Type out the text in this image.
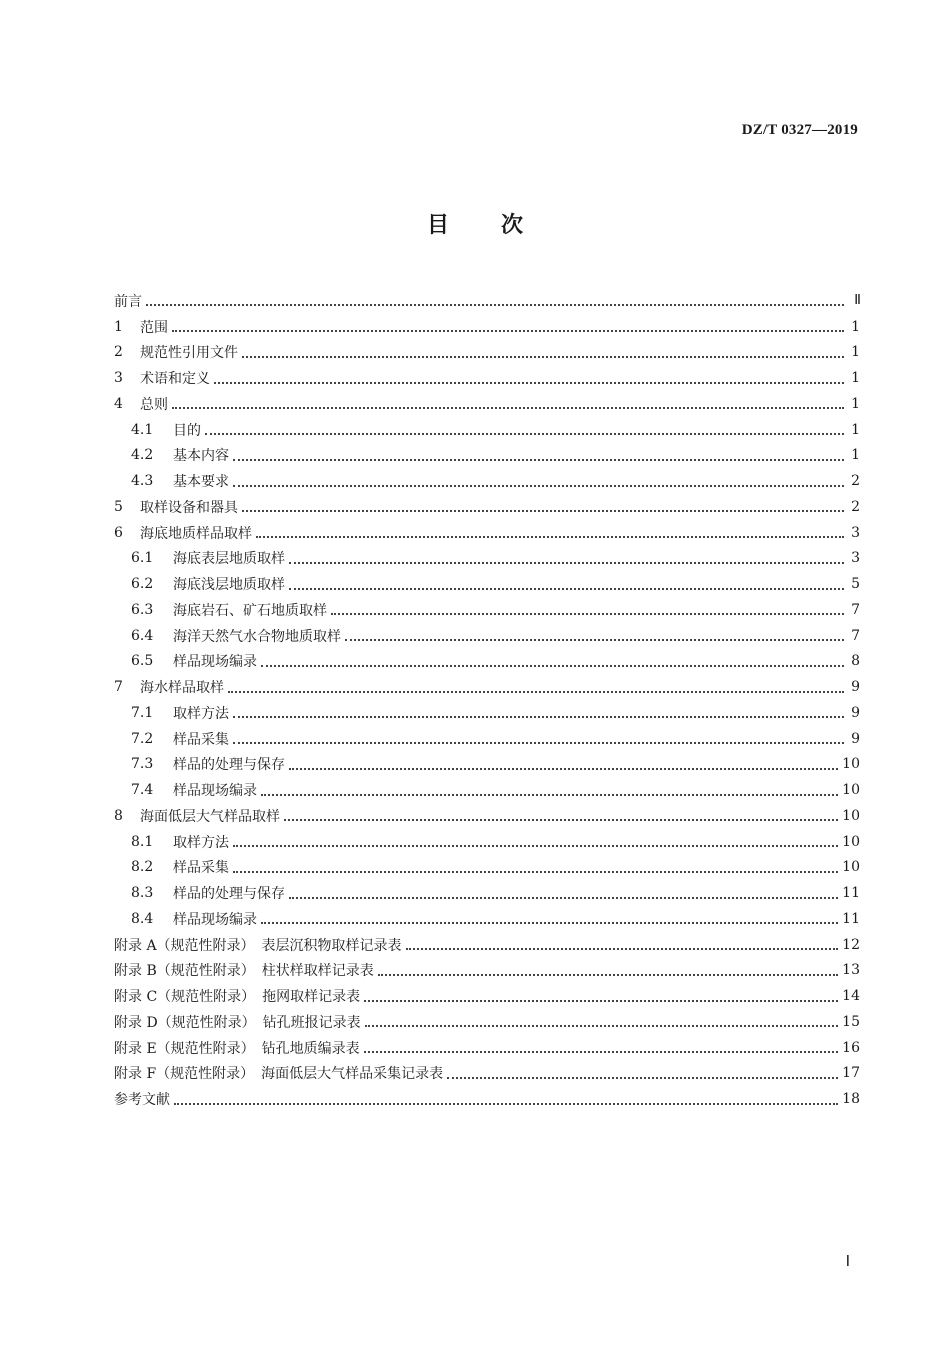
DZ/T 0327—2019
目 次
前言	Ⅱ
1	范围	1
2	规范性引用文件	1
3	术语和定义	1
4	总则	1
4.1	目的	1
4.2	基本内容	1
4.3	基本要求	2
5	取样设备和器具	2
6	海底地质样品取样	3
6.1	海底表层地质取样	3
6.2	海底浅层地质取样	5
6.3	海底岩石、矿石地质取样	7
6.4	海洋天然气水合物地质取样	7
6.5	样品现场编录	8
7	海水样品取样	9
7.1	取样方法	9
7.2	样品采集	9
7.3	样品的处理与保存	10
7.4	样品现场编录	10
8	海面低层大气样品取样	10
8.1	取样方法	10
8.2	样品采集	10
8.3	样品的处理与保存	11
8.4	样品现场编录	11
附录 A（规范性附录）　表层沉积物取样记录表	12
附录 B（规范性附录）　柱状样取样记录表	13
附录 C（规范性附录）　拖网取样记录表	14
附录 D（规范性附录）　钻孔班报记录表	15
附录 E（规范性附录）　钻孔地质编录表	16
附录 F（规范性附录）　海面低层大气样品采集记录表	17
参考文献	18
Ⅰ
